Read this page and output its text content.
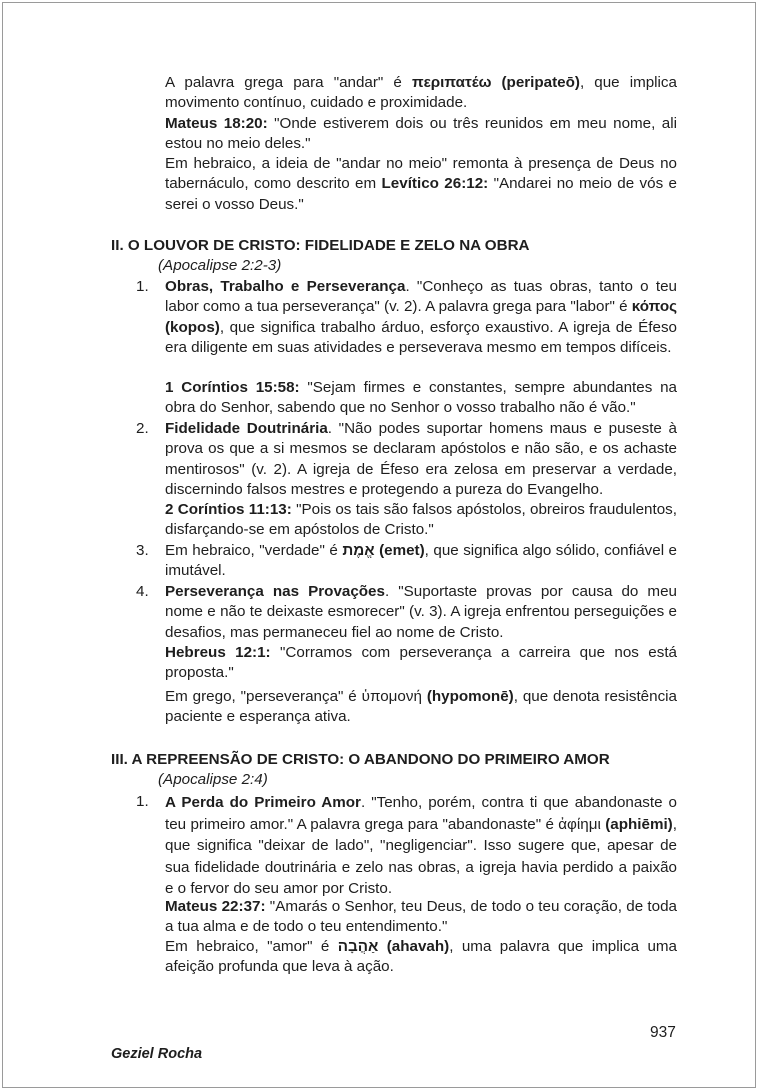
A palavra grega para "andar" é περιπατέω (peripateō), que implica movimento contínuo, cuidado e proximidade.
Mateus 18:20: "Onde estiverem dois ou três reunidos em meu nome, ali estou no meio deles."
Em hebraico, a ideia de "andar no meio" remonta à presença de Deus no tabernáculo, como descrito em Levítico 26:12: "Andarei no meio de vós e serei o vosso Deus."
II. O LOUVOR DE CRISTO: FIDELIDADE E ZELO NA OBRA
(Apocalipse 2:2-3)
1. Obras, Trabalho e Perseverança. "Conheço as tuas obras, tanto o teu labor como a tua perseverança" (v. 2). A palavra grega para "labor" é κόπος (kopos), que significa trabalho árduo, esforço exaustivo. A igreja de Éfeso era diligente em suas atividades e perseverava mesmo em tempos difíceis.
1 Coríntios 15:58: "Sejam firmes e constantes, sempre abundantes na obra do Senhor, sabendo que no Senhor o vosso trabalho não é vão."
2. Fidelidade Doutrinária. "Não podes suportar homens maus e puseste à prova os que a si mesmos se declaram apóstolos e não são, e os achaste mentirosos" (v. 2). A igreja de Éfeso era zelosa em preservar a verdade, discernindo falsos mestres e protegendo a pureza do Evangelho.
2 Coríntios 11:13: "Pois os tais são falsos apóstolos, obreiros fraudulentos, disfarçando-se em apóstolos de Cristo."
3. Em hebraico, "verdade" é אֱמֶת (emet), que significa algo sólido, confiável e imutável.
4. Perseverança nas Provações. "Suportaste provas por causa do meu nome e não te deixaste esmorecer" (v. 3). A igreja enfrentou perseguições e desafios, mas permaneceu fiel ao nome de Cristo.
Hebreus 12:1: "Corramos com perseverança a carreira que nos está proposta."
Em grego, "perseverança" é ὑπομονή (hypomonē), que denota resistência paciente e esperança ativa.
III. A REPREENSÃO DE CRISTO: O ABANDONO DO PRIMEIRO AMOR
(Apocalipse 2:4)
1. A Perda do Primeiro Amor. "Tenho, porém, contra ti que abandonaste o teu primeiro amor." A palavra grega para "abandonaste" é ἀφίημι (aphiēmi), que significa "deixar de lado", "negligenciar". Isso sugere que, apesar de sua fidelidade doutrinária e zelo nas obras, a igreja havia perdido a paixão e o fervor do seu amor por Cristo.
Mateus 22:37: "Amarás o Senhor, teu Deus, de todo o teu coração, de toda a tua alma e de todo o teu entendimento."
Em hebraico, "amor" é אַהֲבָה (ahavah), uma palavra que implica uma afeição profunda que leva à ação.
937
Geziel Rocha
